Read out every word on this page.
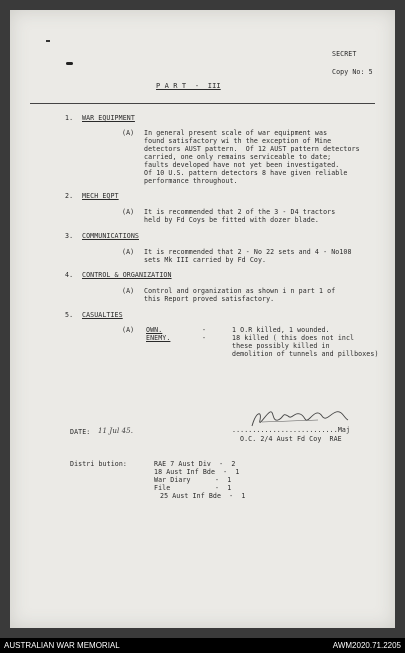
SECRET
Copy No: 5
P A R T  -  III
1. WAR EQUIPMENT
(A) In general present scale of war equipment was
found satisfactory wi th the exception of Mine
detectors AUST pattern.  Of 12 AUST pattern detectors
carried, one only remains serviceable to date;
faults developed have not yet been investigated.
Of 10 U.S. pattern detectors 8 have given reliable
performance throughout.
2. MECH EQPT
(A) It is recommended that 2 of the 3 - D4 tractors
held by Fd Coys be fitted with dozer blade.
3. COMMUNICATIONS
(A) It is recommended that 2 - No 22 sets and 4 - No108
sets Mk III carried by Fd Coy.
4. CONTROL & ORGANIZATION
(A) Control and organization as shown i n part 1 of
this Report proved satisfactory.
5. CASUALTIES
(A) OWN.	-	1 O.R killed, 1 wounded.
ENEMY.	-	18 killed ( this does not incl
these possibly killed in
demolition of tunnels and pillboxes)
..........................Maj
O.C. 2/4 Aust Fd Coy  RAE
DATE: 11 Jul 45.
Distri bution:	RAE 7 Aust Div  -  2
18 Aust Inf Bde  -  1
War Diary      -  1
File           -  1
25 Aust Inf Bde  -  1
AUSTRALIAN WAR MEMORIAL	AWM2020.71.2205
